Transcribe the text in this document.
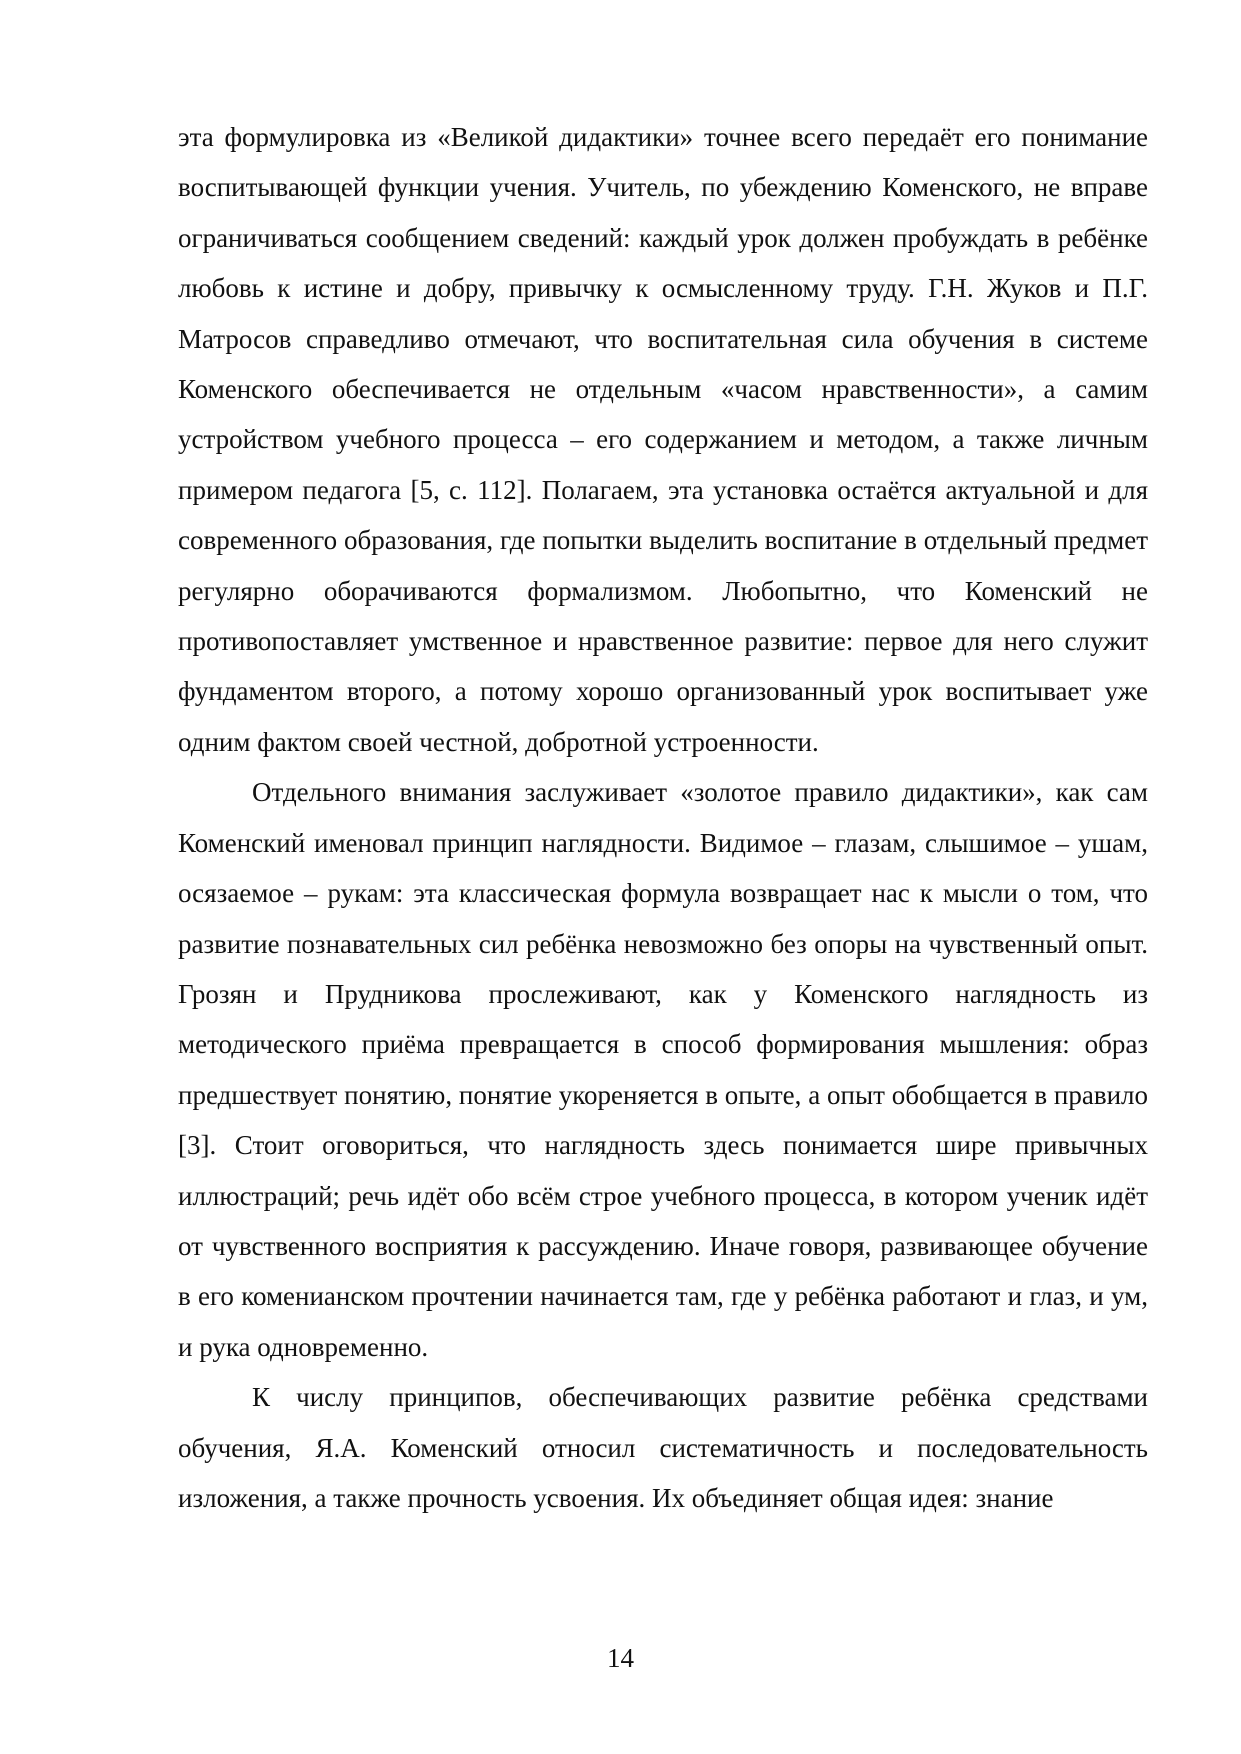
эта формулировка из «Великой дидактики» точнее всего передаёт его понимание воспитывающей функции учения. Учитель, по убеждению Коменского, не вправе ограничиваться сообщением сведений: каждый урок должен пробуждать в ребёнке любовь к истине и добру, привычку к осмысленному труду. Г.Н. Жуков и П.Г. Матросов справедливо отмечают, что воспитательная сила обучения в системе Коменского обеспечивается не отдельным «часом нравственности», а самим устройством учебного процесса – его содержанием и методом, а также личным примером педагога [5, с. 112]. Полагаем, эта установка остаётся актуальной и для современного образования, где попытки выделить воспитание в отдельный предмет регулярно оборачиваются формализмом. Любопытно, что Коменский не противопоставляет умственное и нравственное развитие: первое для него служит фундаментом второго, а потому хорошо организованный урок воспитывает уже одним фактом своей честной, добротной устроенности.

Отдельного внимания заслуживает «золотое правило дидактики», как сам Коменский именовал принцип наглядности. Видимое – глазам, слышимое – ушам, осязаемое – рукам: эта классическая формула возвращает нас к мысли о том, что развитие познавательных сил ребёнка невозможно без опоры на чувственный опыт. Грозян и Прудникова прослеживают, как у Коменского наглядность из методического приёма превращается в способ формирования мышления: образ предшествует понятию, понятие укореняется в опыте, а опыт обобщается в правило [3]. Стоит оговориться, что наглядность здесь понимается шире привычных иллюстраций; речь идёт обо всём строе учебного процесса, в котором ученик идёт от чувственного восприятия к рассуждению. Иначе говоря, развивающее обучение в его коменианском прочтении начинается там, где у ребёнка работают и глаз, и ум, и рука одновременно.

К числу принципов, обеспечивающих развитие ребёнка средствами обучения, Я.А. Коменский относил систематичность и последовательность изложения, а также прочность усвоения. Их объединяет общая идея: знание

14
